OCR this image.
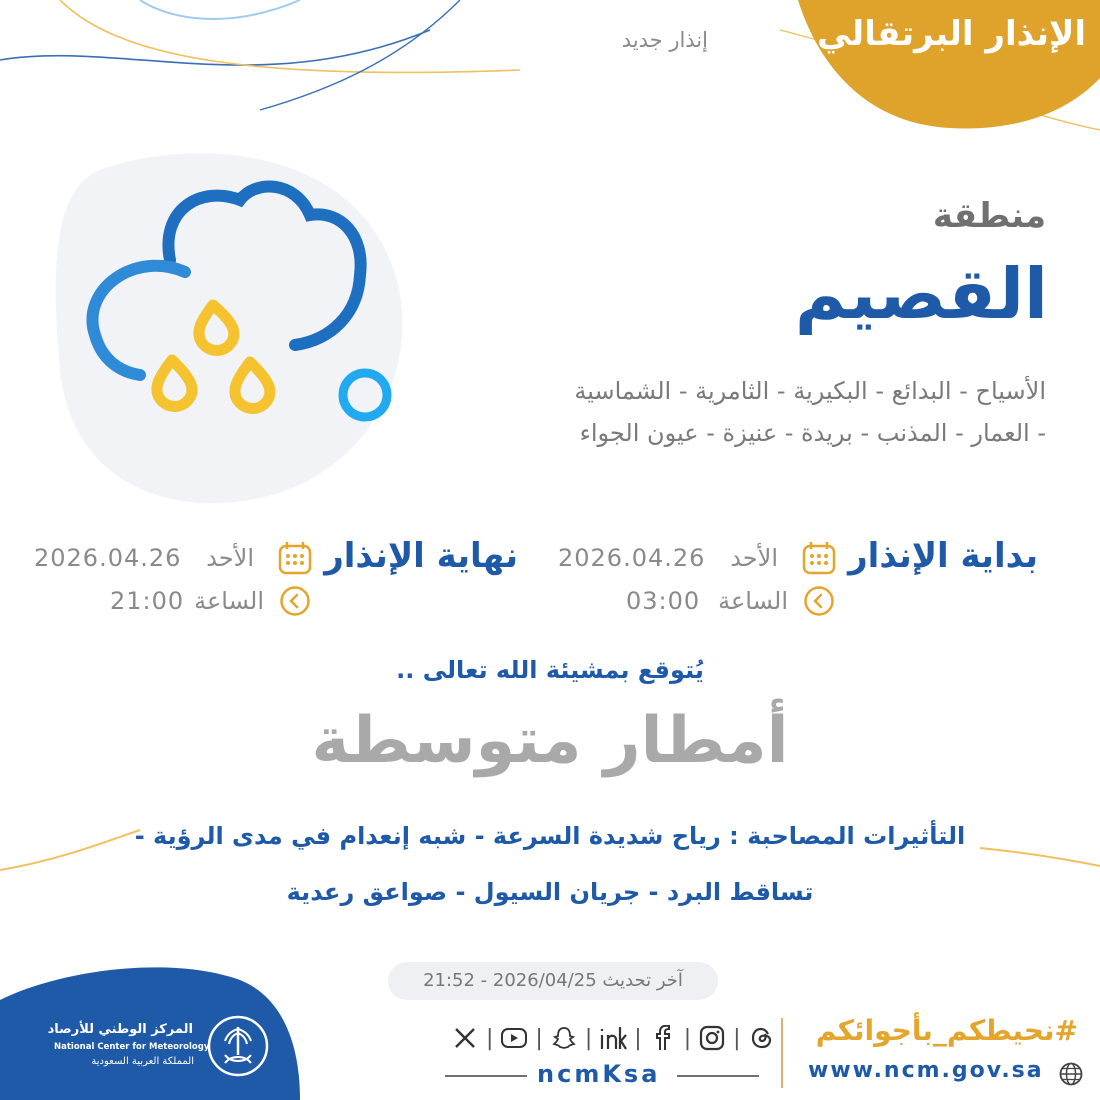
الإنذار البرتقالي
إنذار جديد
منطقة
القصيم
الأسياح - البدائع - البكيرية - الثامرية - الشماسية
- العمار - المذنب - بريدة - عنيزة - عيون الجواء
بداية الإنذار
الأحد
2026.04.26
الساعة
03:00
نهاية الإنذار
الأحد
2026.04.26
الساعة
21:00
يُتوقع بمشيئة الله تعالى ..
أمطار متوسطة
التأثيرات المصاحبة : رياح شديدة السرعة - شبه إنعدام في مدى الرؤية -
تساقط البرد - جريان السيول - صواعق رعدية
آخر تحديث 2026/04/25 - 21:52
المركز الوطني للأرصاد
National Center for Meteorology
المملكة العربية السعودية
| | | | | |
ncmKsa
#نحيطكم_بأجوائكم
www.ncm.gov.sa
